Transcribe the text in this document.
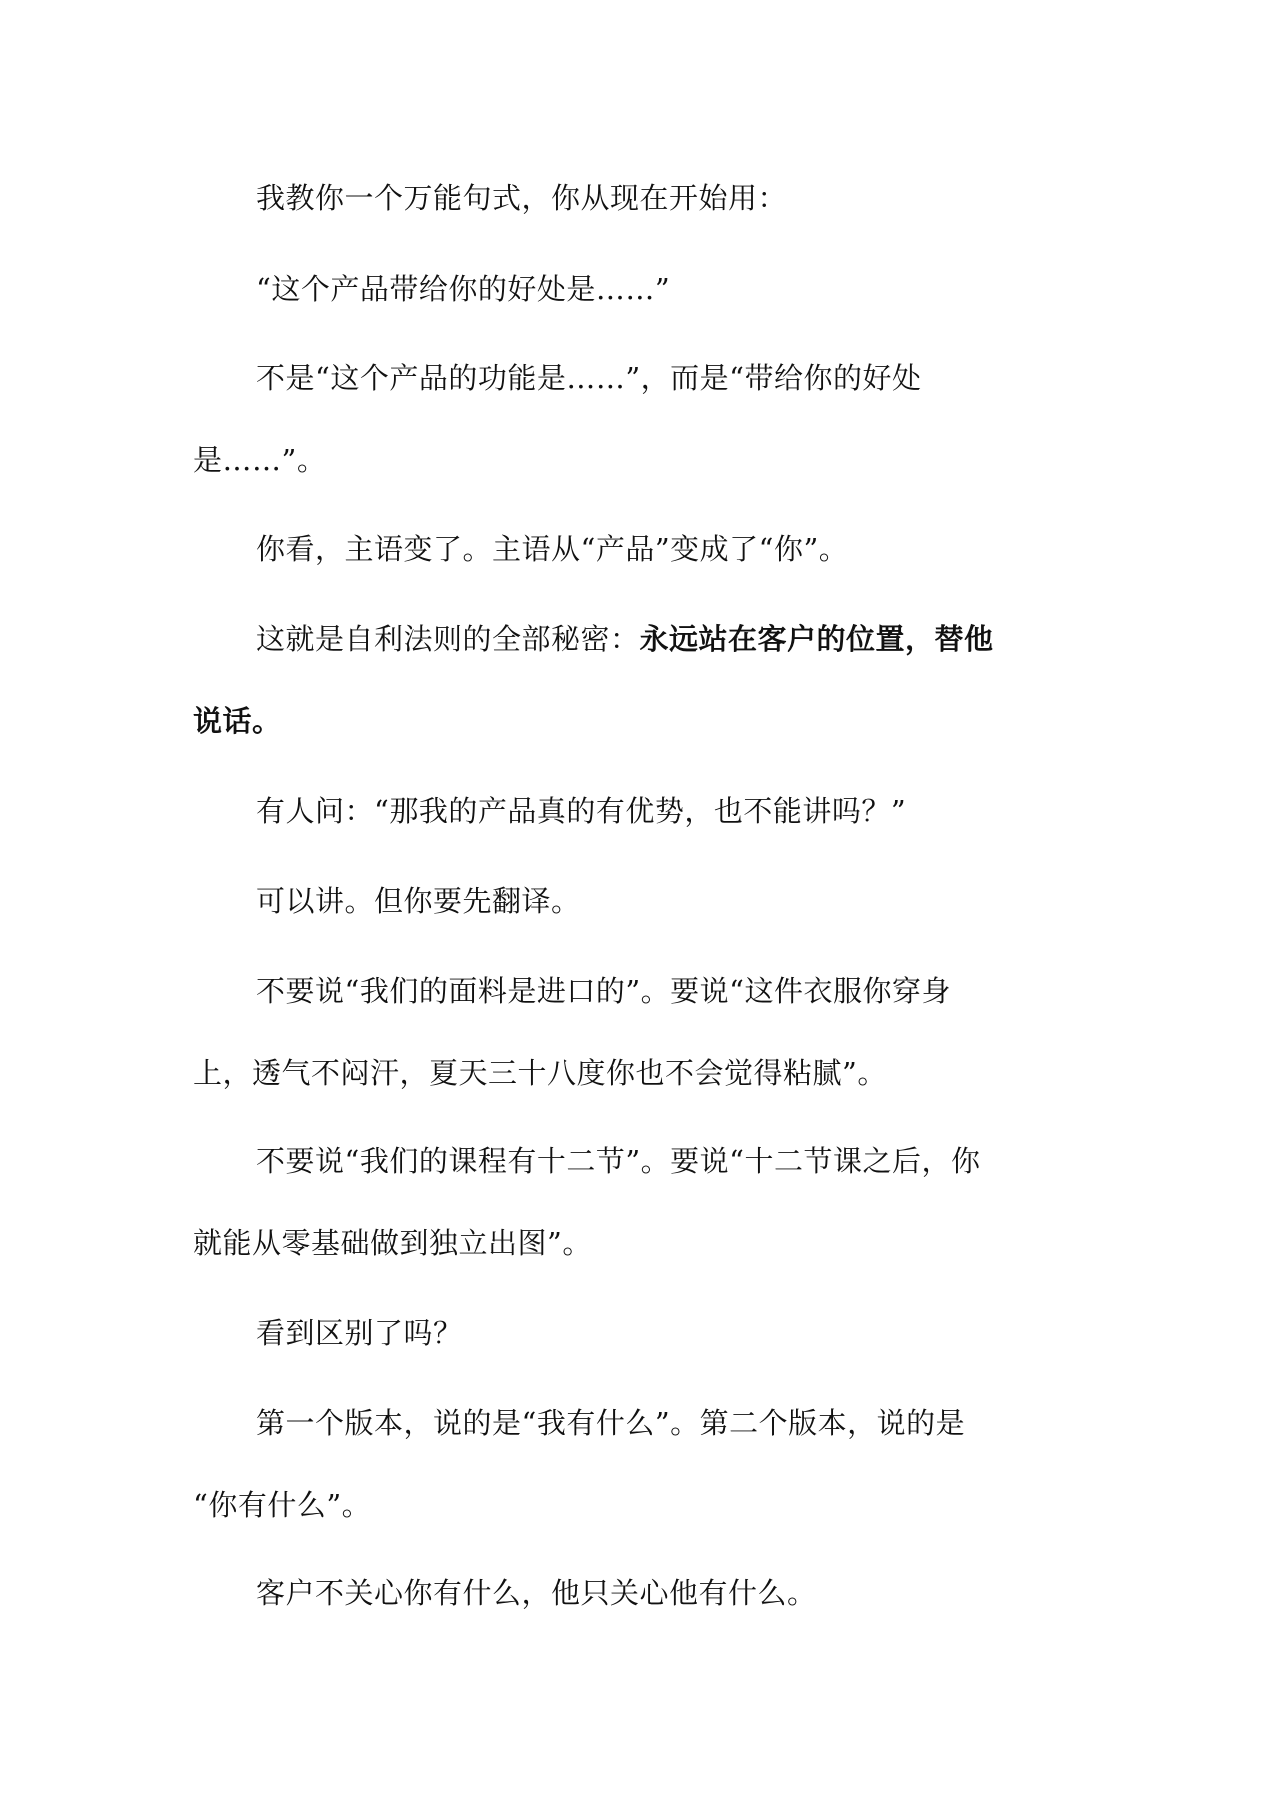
我教你一个万能句式，你从现在开始用：

“这个产品带给你的好处是……”

不是“这个产品的功能是……”，而是“带给你的好处
是……”。

你看，主语变了。主语从“产品”变成了“你”。

这就是自利法则的全部秘密：永远站在客户的位置，替他
说话。

有人问：“那我的产品真的有优势，也不能讲吗？”

可以讲。但你要先翻译。

不要说“我们的面料是进口的”。要说“这件衣服你穿身
上，透气不闷汗，夏天三十八度你也不会觉得粘腻”。

不要说“我们的课程有十二节”。要说“十二节课之后，你
就能从零基础做到独立出图”。

看到区别了吗？

第一个版本，说的是“我有什么”。第二个版本，说的是
“你有什么”。

客户不关心你有什么，他只关心他有什么。
